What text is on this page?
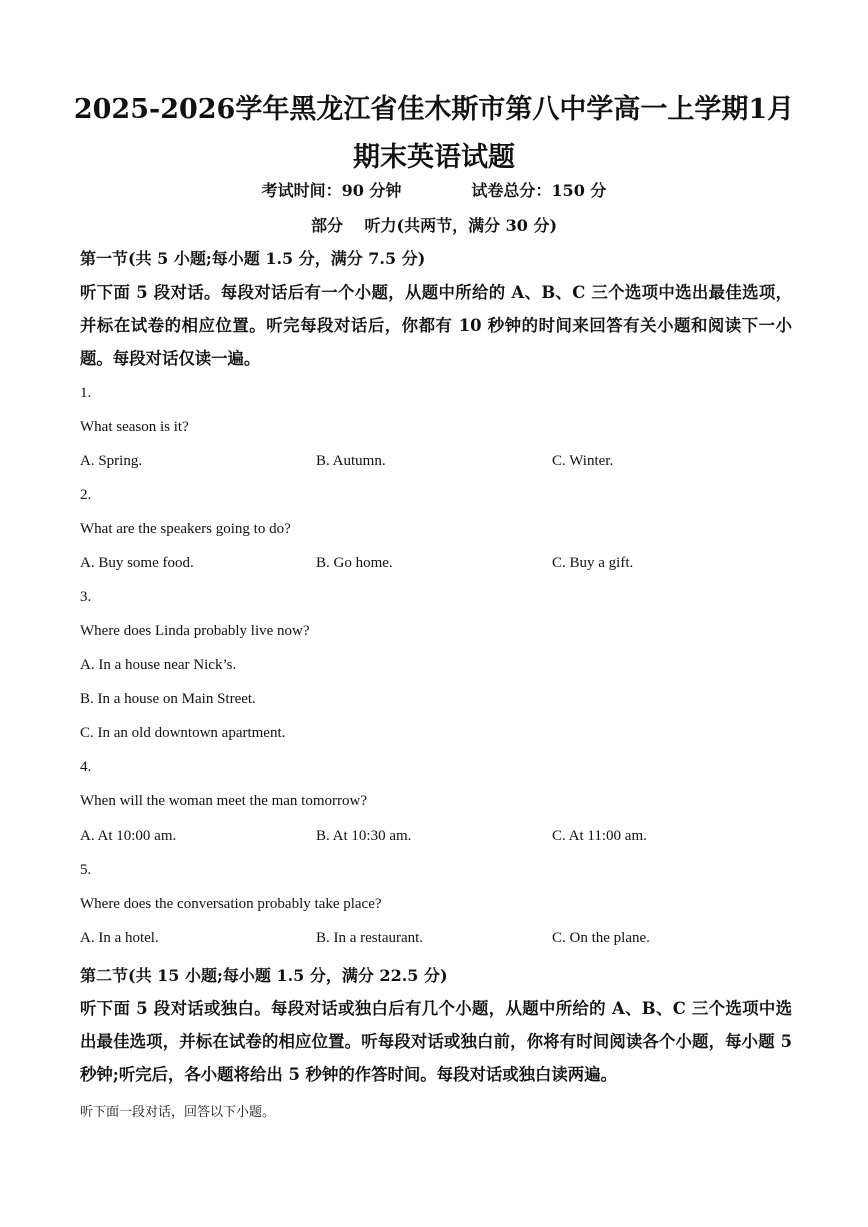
2025-2026学年黑龙江省佳木斯市第八中学高一上学期1月期末英语试题
考试时间：90 分钟	试卷总分：150 分
部分　 听力(共两节，满分 30 分)
第一节(共 5 小题;每小题 1.5 分，满分 7.5 分)
听下面 5 段对话。每段对话后有一个小题，从题中所给的 A、B、C 三个选项中选出最佳选项，并标在试卷的相应位置。听完每段对话后，你都有 10 秒钟的时间来回答有关小题和阅读下一小题。每段对话仅读一遍。
1.
What season is it?
A. Spring.	B. Autumn.	C. Winter.
2.
What are the speakers going to do?
A. Buy some food.	B. Go home.	C. Buy a gift.
3.
Where does Linda probably live now?
A. In a house near Nick’s.
B. In a house on Main Street.
C. In an old downtown apartment.
4.
When will the woman meet the man tomorrow?
A. At 10:00 am.	B. At 10:30 am.	C. At 11:00 am.
5.
Where does the conversation probably take place?
A. In a hotel.	B. In a restaurant.	C. On the plane.
第二节(共 15 小题;每小题 1.5 分，满分 22.5 分)
听下面 5 段对话或独白。每段对话或独白后有几个小题，从题中所给的 A、B、C 三个选项中选出最佳选项，并标在试卷的相应位置。听每段对话或独白前，你将有时间阅读各个小题，每小题 5 秒钟;听完后，各小题将给出 5 秒钟的作答时间。每段对话或独白读两遍。
听下面一段对话，回答以下小题。
